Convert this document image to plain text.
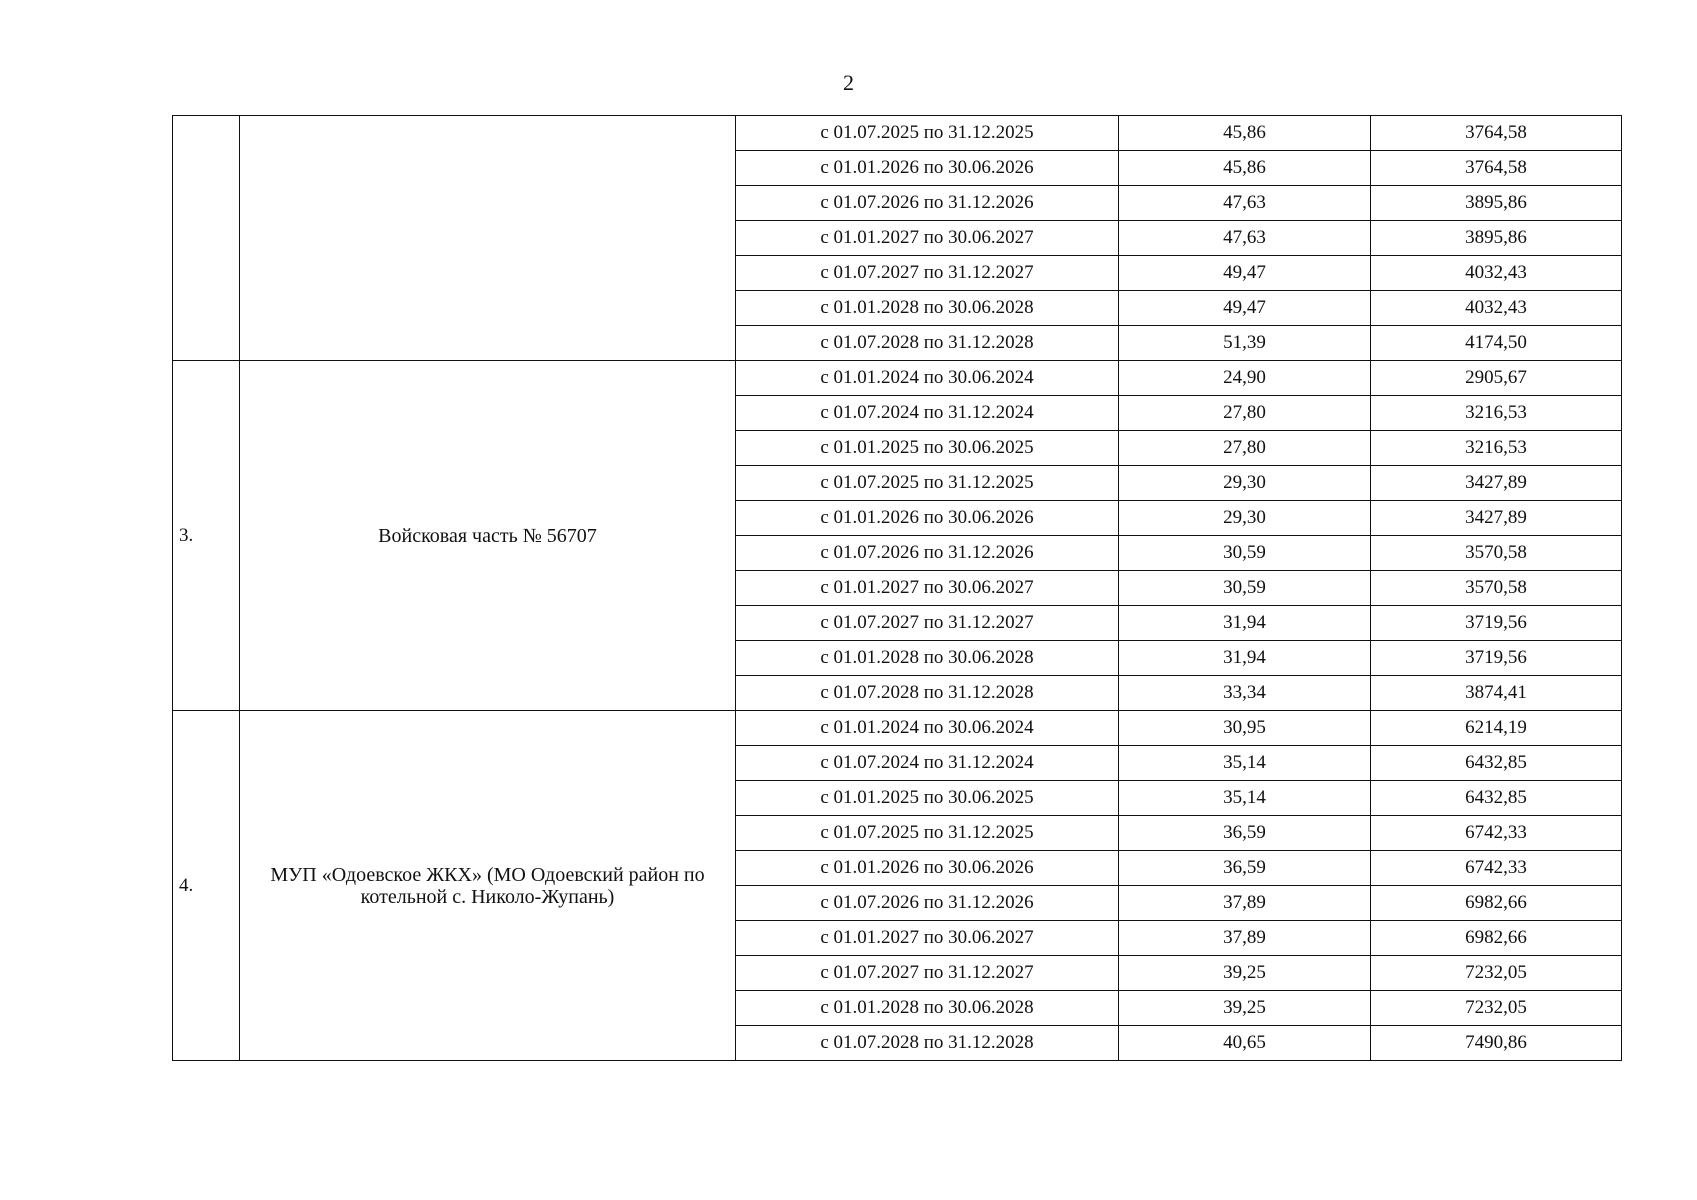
2
		с 01.07.2025 по 31.12.2025	45,86	3764,58
		с 01.01.2026 по 30.06.2026	45,86	3764,58
		с 01.07.2026 по 31.12.2026	47,63	3895,86
		с 01.01.2027 по 30.06.2027	47,63	3895,86
		с 01.07.2027 по 31.12.2027	49,47	4032,43
		с 01.01.2028 по 30.06.2028	49,47	4032,43
		с 01.07.2028 по 31.12.2028	51,39	4174,50
3.	Войсковая часть № 56707	с 01.01.2024 по 30.06.2024	24,90	2905,67
		с 01.07.2024 по 31.12.2024	27,80	3216,53
		с 01.01.2025 по 30.06.2025	27,80	3216,53
		с 01.07.2025 по 31.12.2025	29,30	3427,89
		с 01.01.2026 по 30.06.2026	29,30	3427,89
		с 01.07.2026 по 31.12.2026	30,59	3570,58
		с 01.01.2027 по 30.06.2027	30,59	3570,58
		с 01.07.2027 по 31.12.2027	31,94	3719,56
		с 01.01.2028 по 30.06.2028	31,94	3719,56
		с 01.07.2028 по 31.12.2028	33,34	3874,41
4.	МУП «Одоевское ЖКХ» (МО Одоевский район по котельной с. Николо-Жупань)	с 01.01.2024 по 30.06.2024	30,95	6214,19
		с 01.07.2024 по 31.12.2024	35,14	6432,85
		с 01.01.2025 по 30.06.2025	35,14	6432,85
		с 01.07.2025 по 31.12.2025	36,59	6742,33
		с 01.01.2026 по 30.06.2026	36,59	6742,33
		с 01.07.2026 по 31.12.2026	37,89	6982,66
		с 01.01.2027 по 30.06.2027	37,89	6982,66
		с 01.07.2027 по 31.12.2027	39,25	7232,05
		с 01.01.2028 по 30.06.2028	39,25	7232,05
		с 01.07.2028 по 31.12.2028	40,65	7490,86
